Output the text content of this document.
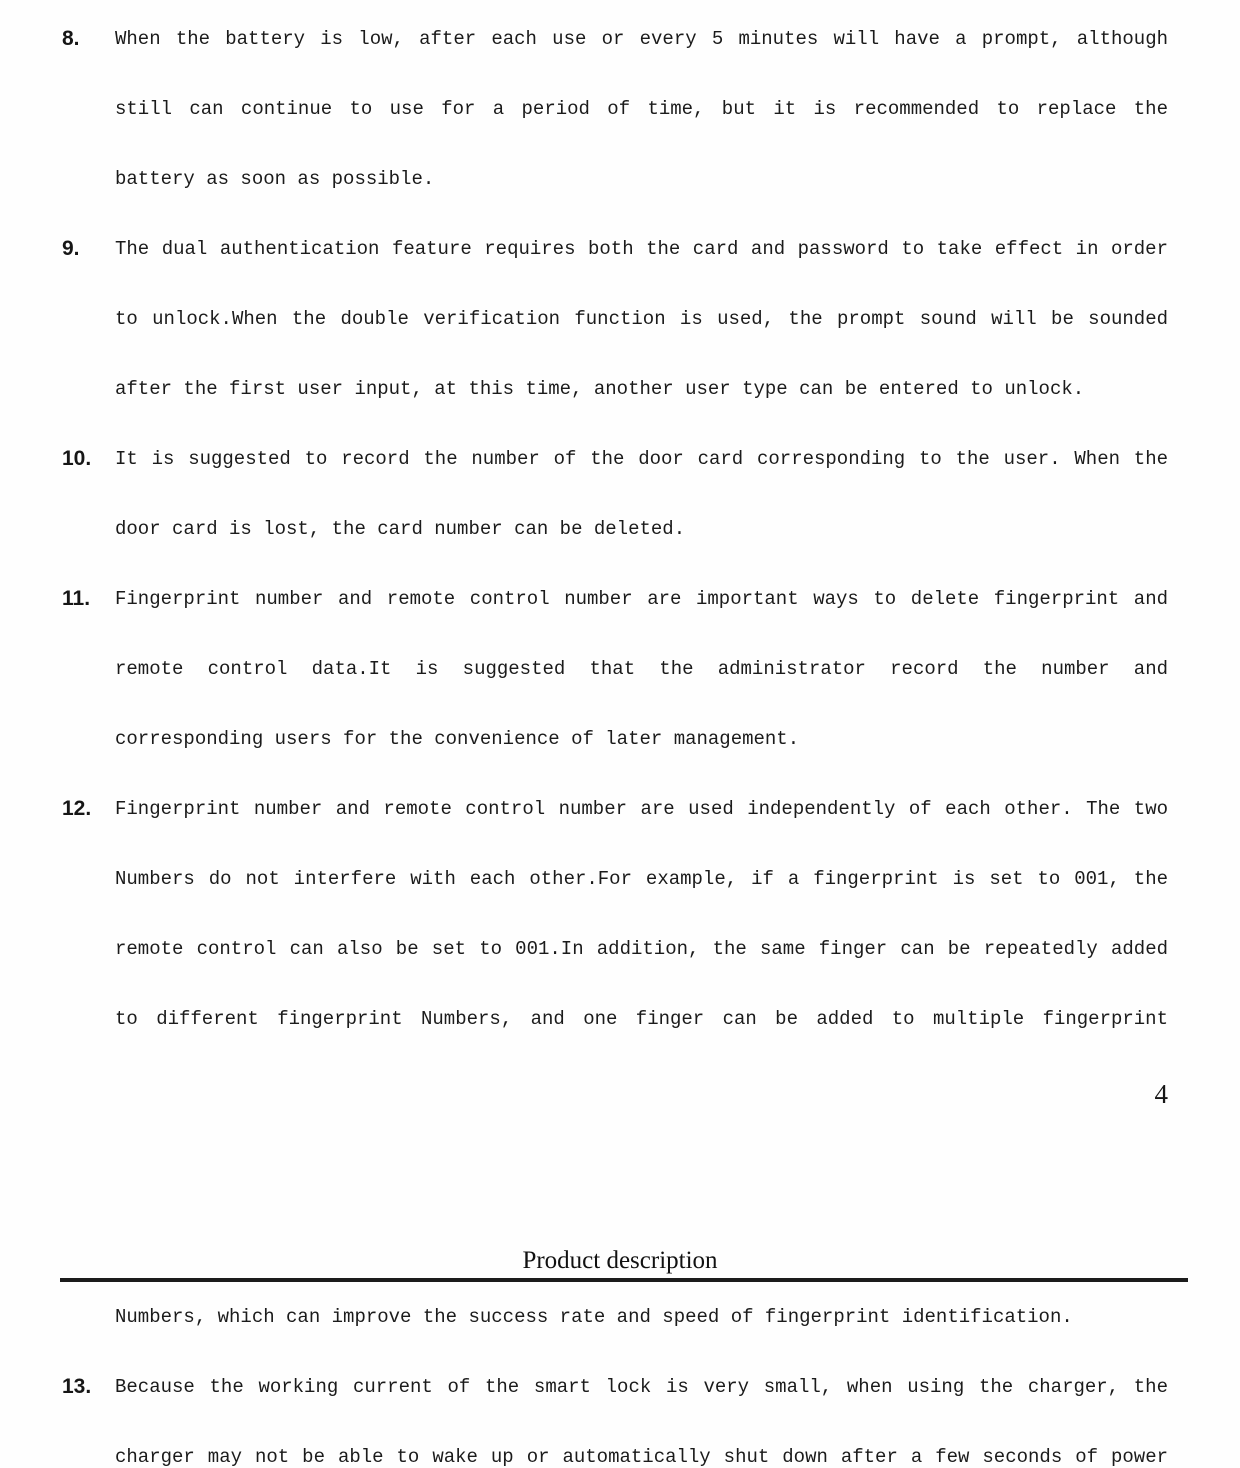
8.	When the battery is low, after each use or every 5 minutes will have a prompt, although
still can continue to use for a period of time, but it is recommended to replace the
battery as soon as possible.
9.	The dual authentication feature requires both the card and password to take effect in order
to unlock.When the double verification function is used, the prompt sound will be sounded
after the first user input, at this time, another user type can be entered to unlock.
10.	It is suggested to record the number of the door card corresponding to the user. When the
door card is lost, the card number can be deleted.
11.	Fingerprint number and remote control number are important ways to delete fingerprint and
remote control data.It is suggested that the administrator record the number and
corresponding users for the convenience of later management.
12.	Fingerprint number and remote control number are used independently of each other. The two
Numbers do not interfere with each other.For example, if a fingerprint is set to 001, the
remote control can also be set to 001.In addition, the same finger can be repeatedly added
to different fingerprint Numbers, and one finger can be added to multiple fingerprint
4
Product description
Numbers, which can improve the success rate and speed of fingerprint identification.
13.	Because the working current of the smart lock is very small, when using the charger, the
charger may not be able to wake up or automatically shut down after a few seconds of power
